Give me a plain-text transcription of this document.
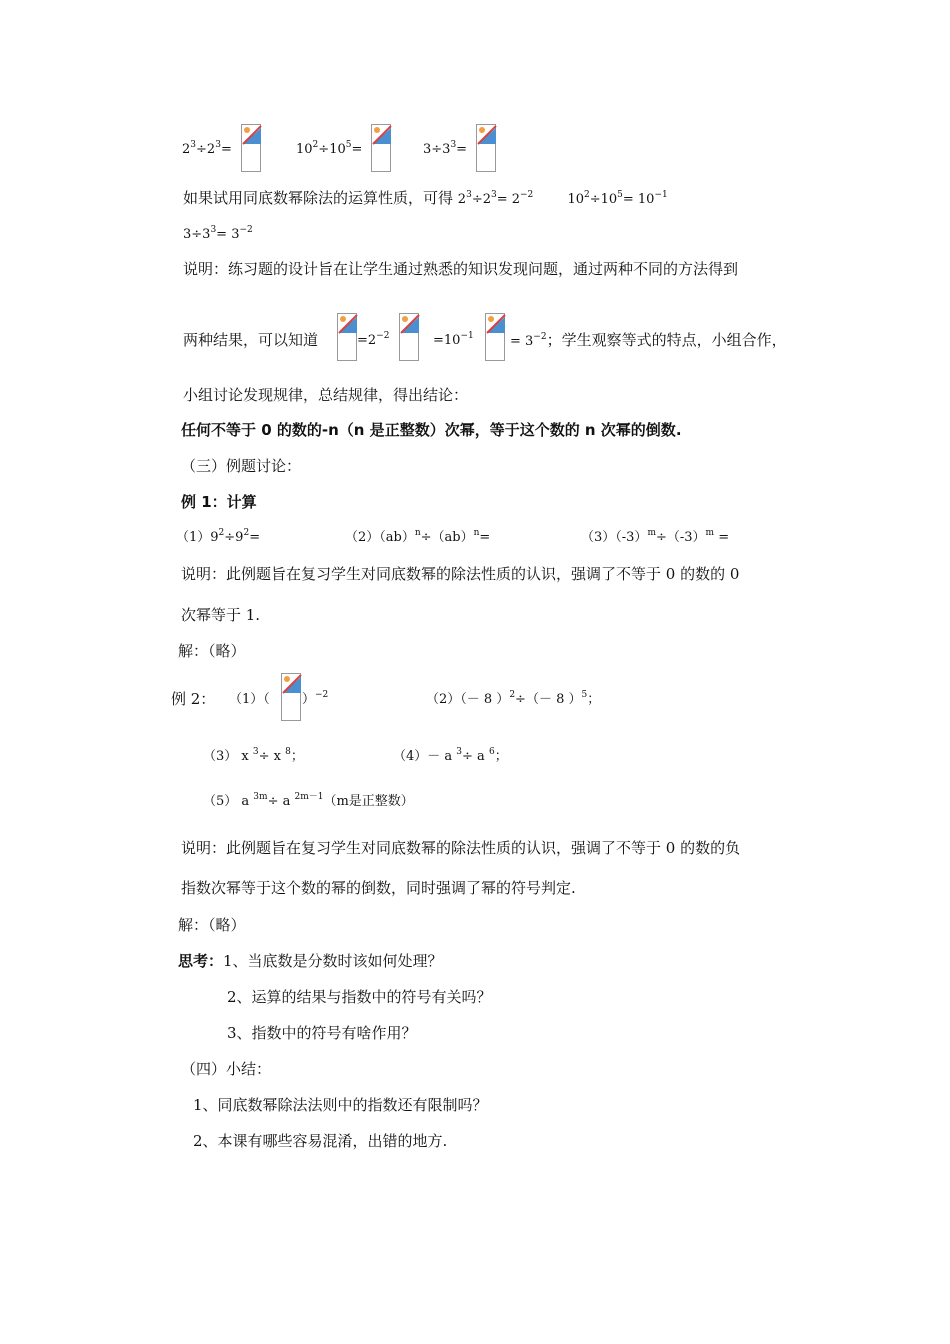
$2^3\div 2^3=$	$10^2\div 10^5=$	$3\div 3^3=$
如果试用同底数幂除法的运算性质，可得 $2^3\div 2^3= 2^{-2}$	$10^2\div 10^5= 10^{-1}$
$3\div 3^3= 3^{-2}$
说明：练习题的设计旨在让学生通过熟悉的知识发现问题，通过两种不同的方法得到
两种结果，可以知道	$=2^{-2}$	$=10^{-1}$	= $3^{-2}$；学生观察等式的特点，小组合作，
小组讨论发现规律，总结规律，得出结论：
任何不等于 0 的数的-n（n 是正整数）次幂，等于这个数的 n 次幂的倒数.
（三）例题讨论：
例 1：计算
$(1)9^2\div 9^2=$	（2）（ab）$^n$÷（ab）$^n$=	$(3)(-3)^m\div(-3)^m$ =
说明：此例题旨在复习学生对同底数幂的除法性质的认识，强调了不等于 0 的数的 0
次幂等于 1.
解：（略）
例 2： （1）（ ）$^{-2}$	（2）（－ 8 ）$^2$÷（－ 8 ）$^5$；
（3） x $^3$÷ x $^8$；	（4）－ a $^3$÷ a $^6$；
（5） a $^{3m}$÷ a $^{2m-1}$（m是正整数）
说明：此例题旨在复习学生对同底数幂的除法性质的认识，强调了不等于 0 的数的负
指数次幂等于这个数的幂的倒数，同时强调了幂的符号判定.
解：（略）
思考：1、当底数是分数时该如何处理？
2、运算的结果与指数中的符号有关吗？
3、指数中的符号有啥作用？
（四）小结：
1、同底数幂除法法则中的指数还有限制吗？
2、本课有哪些容易混淆，出错的地方.
